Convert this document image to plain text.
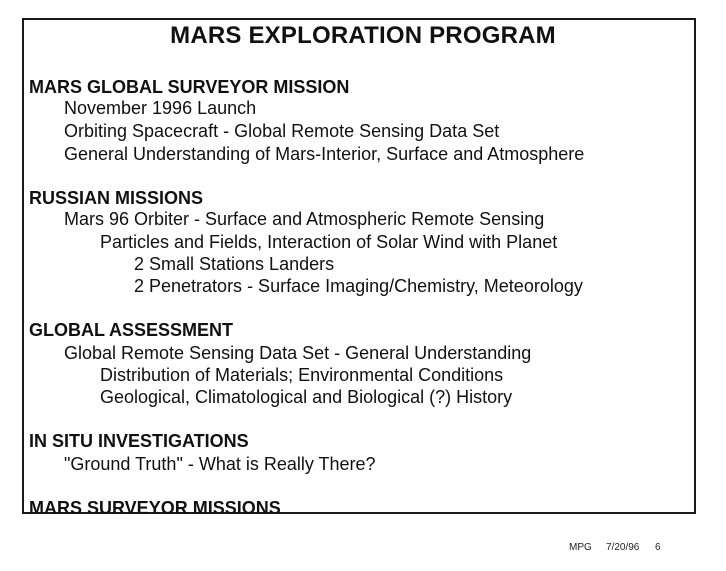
MARS EXPLORATION PROGRAM
MARS GLOBAL SURVEYOR MISSION
November 1996 Launch
Orbiting Spacecraft - Global Remote Sensing Data Set
General Understanding of Mars-Interior, Surface and Atmosphere
RUSSIAN MISSIONS
Mars 96 Orbiter - Surface and Atmospheric Remote Sensing
Particles and Fields, Interaction of Solar Wind with Planet
2 Small Stations Landers
2 Penetrators - Surface Imaging/Chemistry, Meteorology
GLOBAL ASSESSMENT
Global Remote Sensing Data Set - General Understanding
Distribution of Materials; Environmental Conditions
Geological, Climatological and Biological (?) History
IN SITU INVESTIGATIONS
"Ground Truth" - What is Really There?
MARS SURVEYOR MISSIONS
MPG 7/20/96 6
